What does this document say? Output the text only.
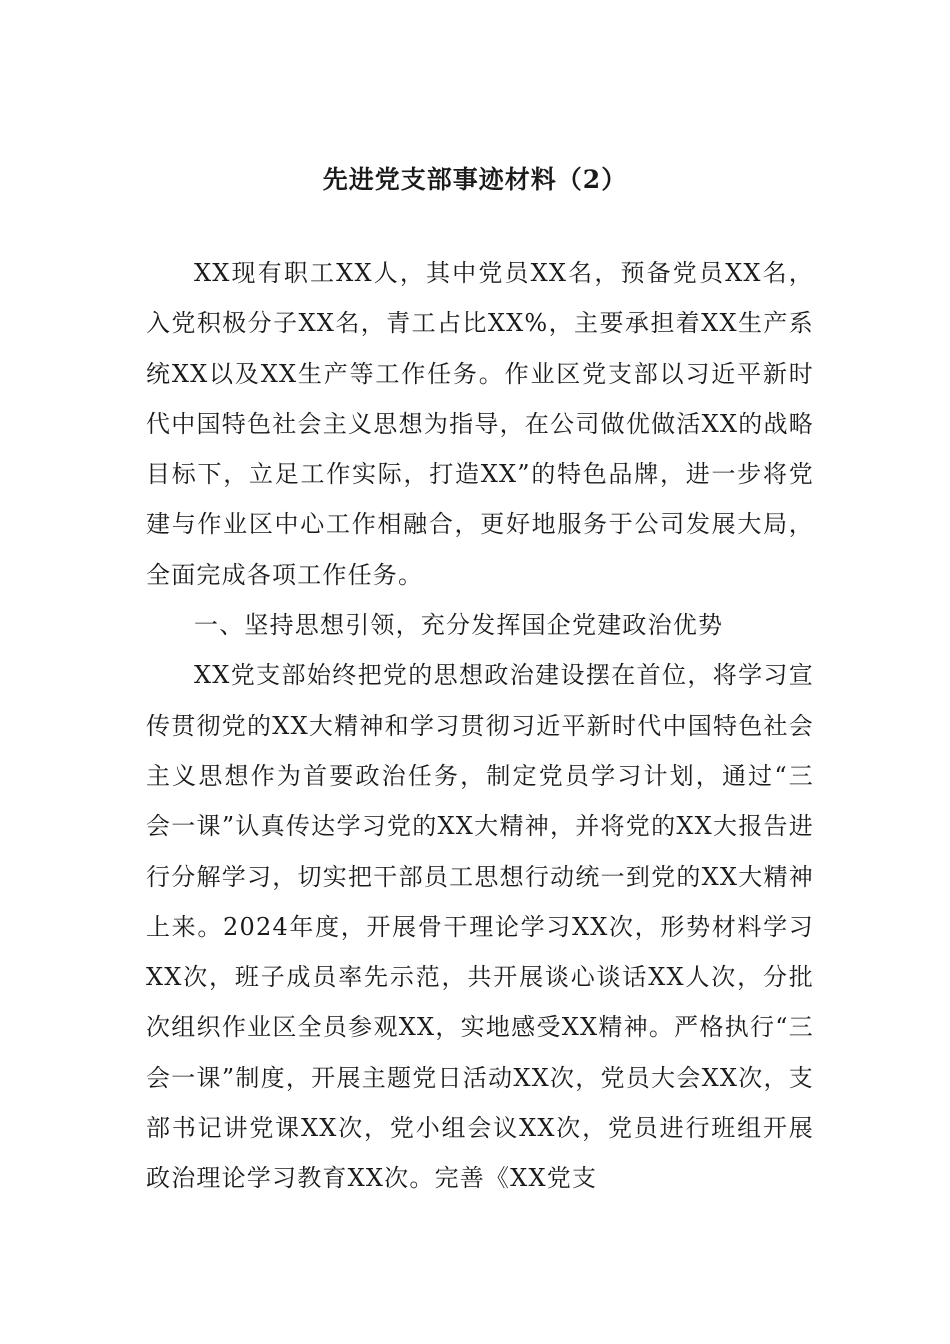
先进党支部事迹材料（2）

XX现有职工XX人，其中党员XX名，预备党员XX名，入党积极分子XX名，青工占比XX%，主要承担着XX生产系统XX以及XX生产等工作任务。作业区党支部以习近平新时代中国特色社会主义思想为指导，在公司做优做活XX的战略目标下，立足工作实际，打造XX”的特色品牌，进一步将党建与作业区中心工作相融合，更好地服务于公司发展大局，全面完成各项工作任务。

一、坚持思想引领，充分发挥国企党建政治优势

XX党支部始终把党的思想政治建设摆在首位，将学习宣传贯彻党的XX大精神和学习贯彻习近平新时代中国特色社会主义思想作为首要政治任务，制定党员学习计划，通过“三会一课”认真传达学习党的XX大精神，并将党的XX大报告进行分解学习，切实把干部员工思想行动统一到党的XX大精神上来。2024年度，开展骨干理论学习XX次，形势材料学习XX次，班子成员率先示范，共开展谈心谈话XX人次，分批次组织作业区全员参观XX，实地感受XX精神。严格执行“三会一课”制度，开展主题党日活动XX次，党员大会XX次，支部书记讲党课XX次，党小组会议XX次，党员进行班组开展政治理论学习教育XX次。完善《XX党支
